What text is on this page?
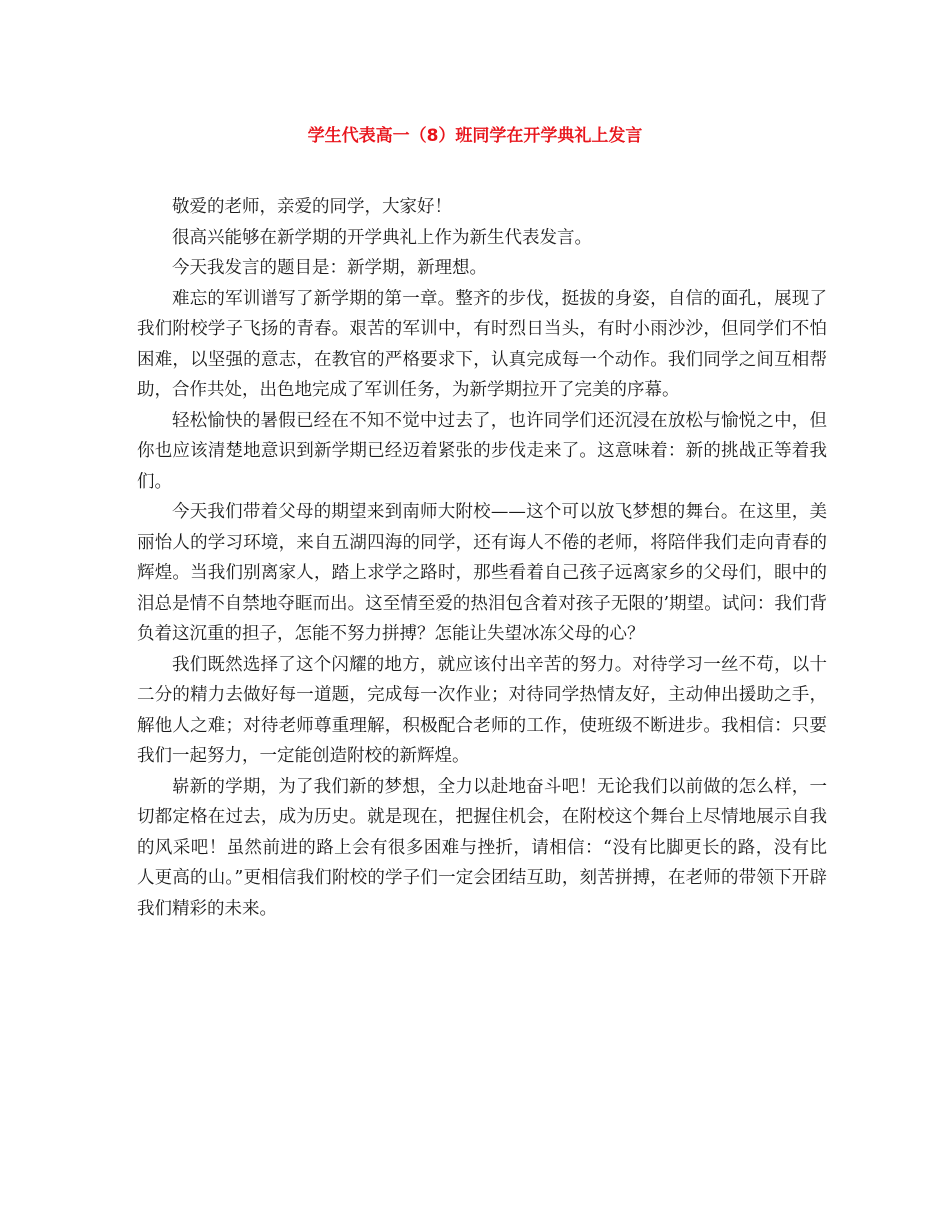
学生代表高一（8）班同学在开学典礼上发言

敬爱的老师，亲爱的同学，大家好！

很高兴能够在新学期的开学典礼上作为新生代表发言。

今天我发言的题目是：新学期，新理想。

难忘的军训谱写了新学期的第一章。整齐的步伐，挺拔的身姿，自信的面孔，展现了我们附校学子飞扬的青春。艰苦的军训中，有时烈日当头，有时小雨沙沙，但同学们不怕困难，以坚强的意志，在教官的严格要求下，认真完成每一个动作。我们同学之间互相帮助，合作共处，出色地完成了军训任务，为新学期拉开了完美的序幕。

轻松愉快的暑假已经在不知不觉中过去了，也许同学们还沉浸在放松与愉悦之中，但你也应该清楚地意识到新学期已经迈着紧张的步伐走来了。这意味着：新的挑战正等着我们。

今天我们带着父母的期望来到南师大附校——这个可以放飞梦想的舞台。在这里，美丽怡人的学习环境，来自五湖四海的同学，还有诲人不倦的老师，将陪伴我们走向青春的辉煌。当我们别离家人，踏上求学之路时，那些看着自己孩子远离家乡的父母们，眼中的泪总是情不自禁地夺眶而出。这至情至爱的热泪包含着对孩子无限的’期望。试问：我们背负着这沉重的担子，怎能不努力拼搏？怎能让失望冰冻父母的心？

我们既然选择了这个闪耀的地方，就应该付出辛苦的努力。对待学习一丝不苟，以十二分的精力去做好每一道题，完成每一次作业；对待同学热情友好，主动伸出援助之手，解他人之难；对待老师尊重理解，积极配合老师的工作，使班级不断进步。我相信：只要我们一起努力，一定能创造附校的新辉煌。

崭新的学期，为了我们新的梦想，全力以赴地奋斗吧！无论我们以前做的怎么样，一切都定格在过去，成为历史。就是现在，把握住机会，在附校这个舞台上尽情地展示自我的风采吧！虽然前进的路上会有很多困难与挫折，请相信：“没有比脚更长的路，没有比人更高的山。”更相信我们附校的学子们一定会团结互助，刻苦拼搏，在老师的带领下开辟我们精彩的未来。
